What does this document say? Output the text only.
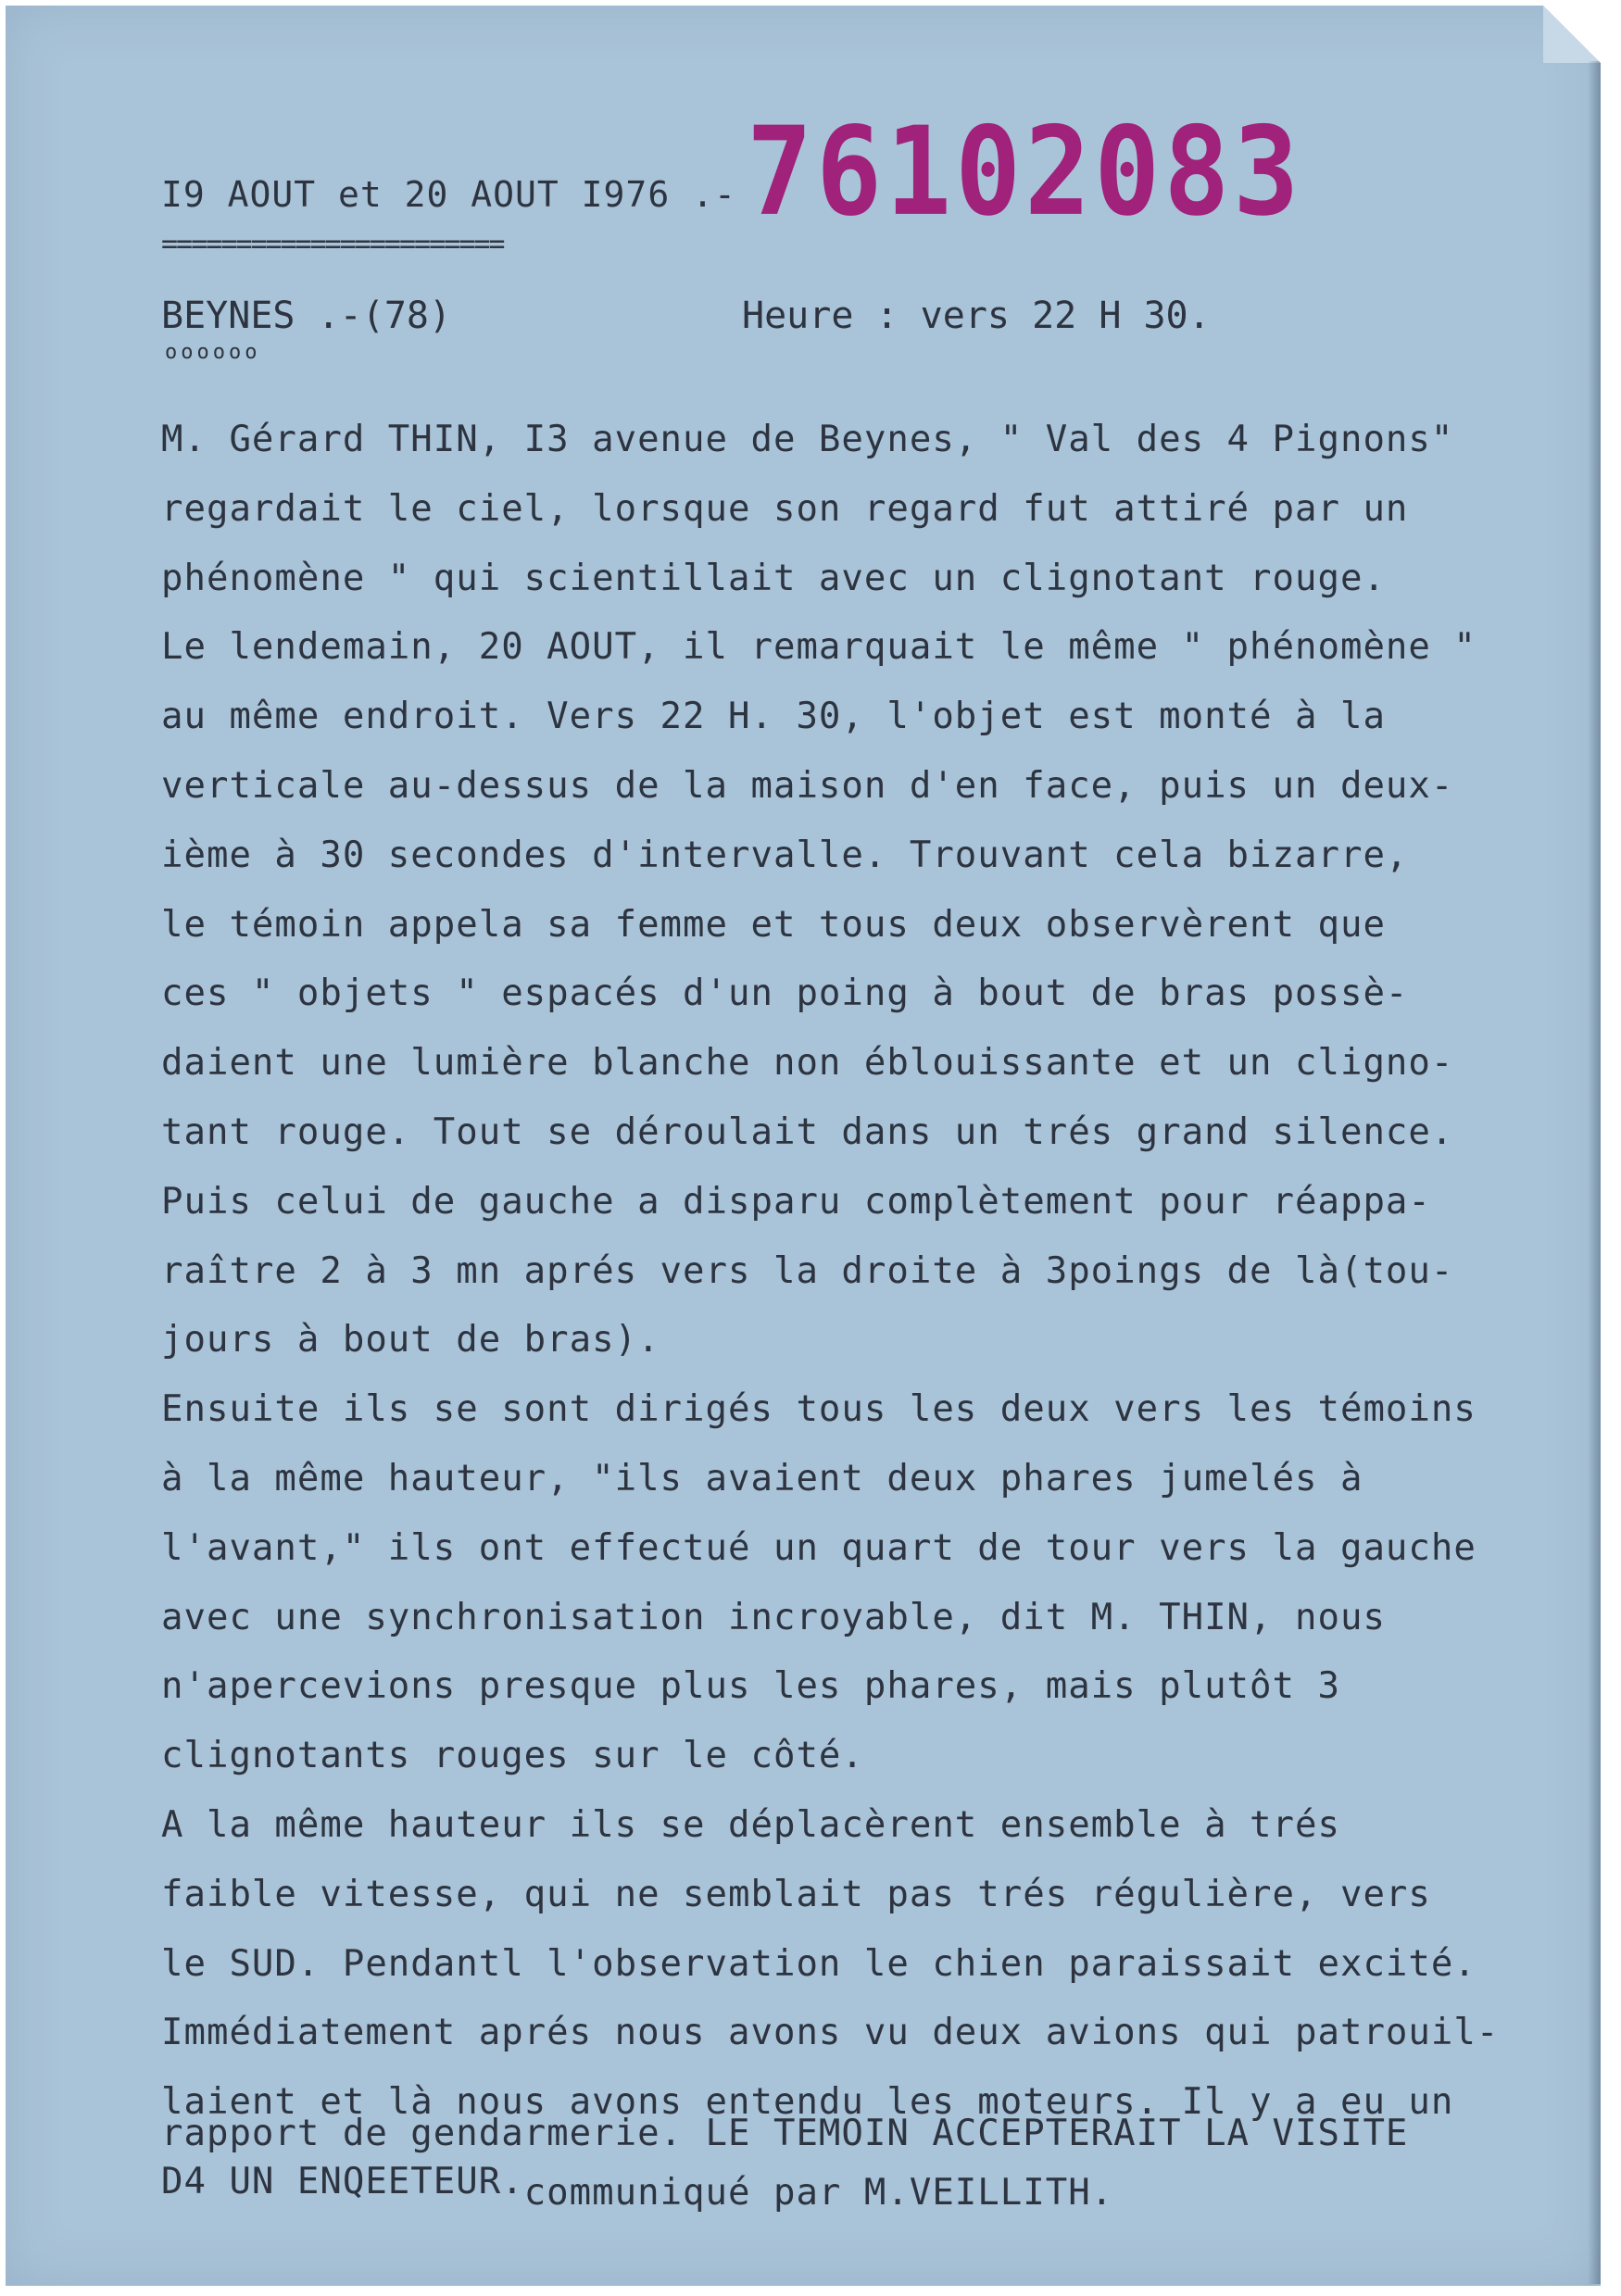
I9 AOUT et 20 AOUT I976 .-
=======================
76102083
BEYNES .-(78)
oooooo
Heure : vers 22 H 30.
M. Gérard THIN, I3 avenue de Beynes, " Val des 4 Pignons"
regardait le ciel, lorsque son regard fut attiré par un
phénomène " qui scientillait avec un clignotant rouge.
Le lendemain, 20 AOUT, il remarquait le même " phénomène "
au même endroit. Vers 22 H. 30, l'objet est monté à la
verticale au-dessus de la maison d'en face, puis un deux-
ième à 30 secondes d'intervalle. Trouvant cela bizarre,
le témoin appela sa femme et tous deux observèrent que
ces " objets " espacés d'un poing à bout de bras possè-
daient une lumière blanche non éblouissante et un cligno-
tant rouge. Tout se déroulait dans un trés grand silence.
Puis celui de gauche a disparu complètement pour réappa-
raître 2 à 3 mn aprés vers la droite à 3poings de là(tou-
jours à bout de bras).
Ensuite ils se sont dirigés tous les deux vers les témoins
à la même hauteur, "ils avaient deux phares jumelés à
l'avant," ils ont effectué un quart de tour vers la gauche
avec une synchronisation incroyable, dit M. THIN, nous
n'apercevions presque plus les phares, mais plutôt 3
clignotants rouges sur le côté.
A la même hauteur ils se déplacèrent ensemble à trés
faible vitesse, qui ne semblait pas trés régulière, vers
le SUD. Pendantl l'observation le chien paraissait excité.
Immédiatement aprés nous avons vu deux avions qui patrouil-
laient et là nous avons entendu les moteurs. Il y a eu un
rapport de gendarmerie. LE TEMOIN ACCEPTERAIT LA VISITE
D4 UN ENQEETEUR.communiqué par M.VEILLITH.
